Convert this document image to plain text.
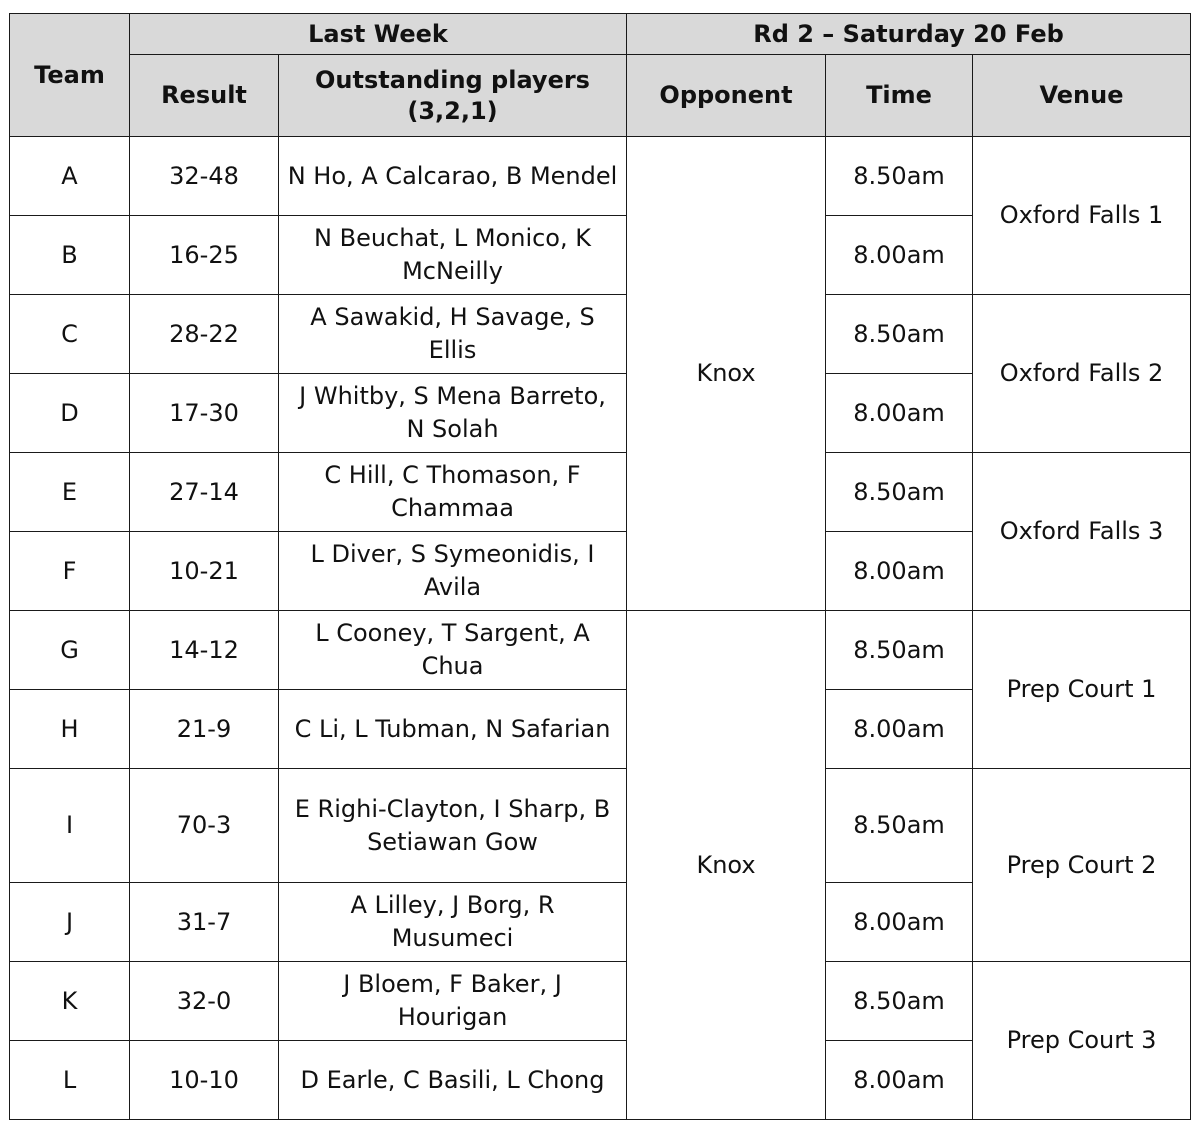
Team	Last Week		Rd 2 – Saturday 20 Feb		
	Result	Outstanding players (3,2,1)	Opponent	Time	Venue
A	32-48	N Ho, A Calcarao, B Mendel	Knox	8.50am	Oxford Falls 1
B	16-25	N Beuchat, L Monico, K McNeilly		8.00am	
C	28-22	A Sawakid, H Savage, S Ellis		8.50am	Oxford Falls 2
D	17-30	J Whitby, S Mena Barreto, N Solah		8.00am	
E	27-14	C Hill, C Thomason, F Chammaa		8.50am	Oxford Falls 3
F	10-21	L Diver, S Symeonidis, I Avila		8.00am	
G	14-12	L Cooney, T Sargent, A Chua	Knox	8.50am	Prep Court 1
H	21-9	C Li, L Tubman, N Safarian		8.00am	
I	70-3	E Righi-Clayton, I Sharp, B Setiawan Gow		8.50am	Prep Court 2
J	31-7	A Lilley, J Borg, R Musumeci		8.00am	
K	32-0	J Bloem, F Baker, J Hourigan		8.50am	Prep Court 3
L	10-10	D Earle, C Basili, L Chong		8.00am	
